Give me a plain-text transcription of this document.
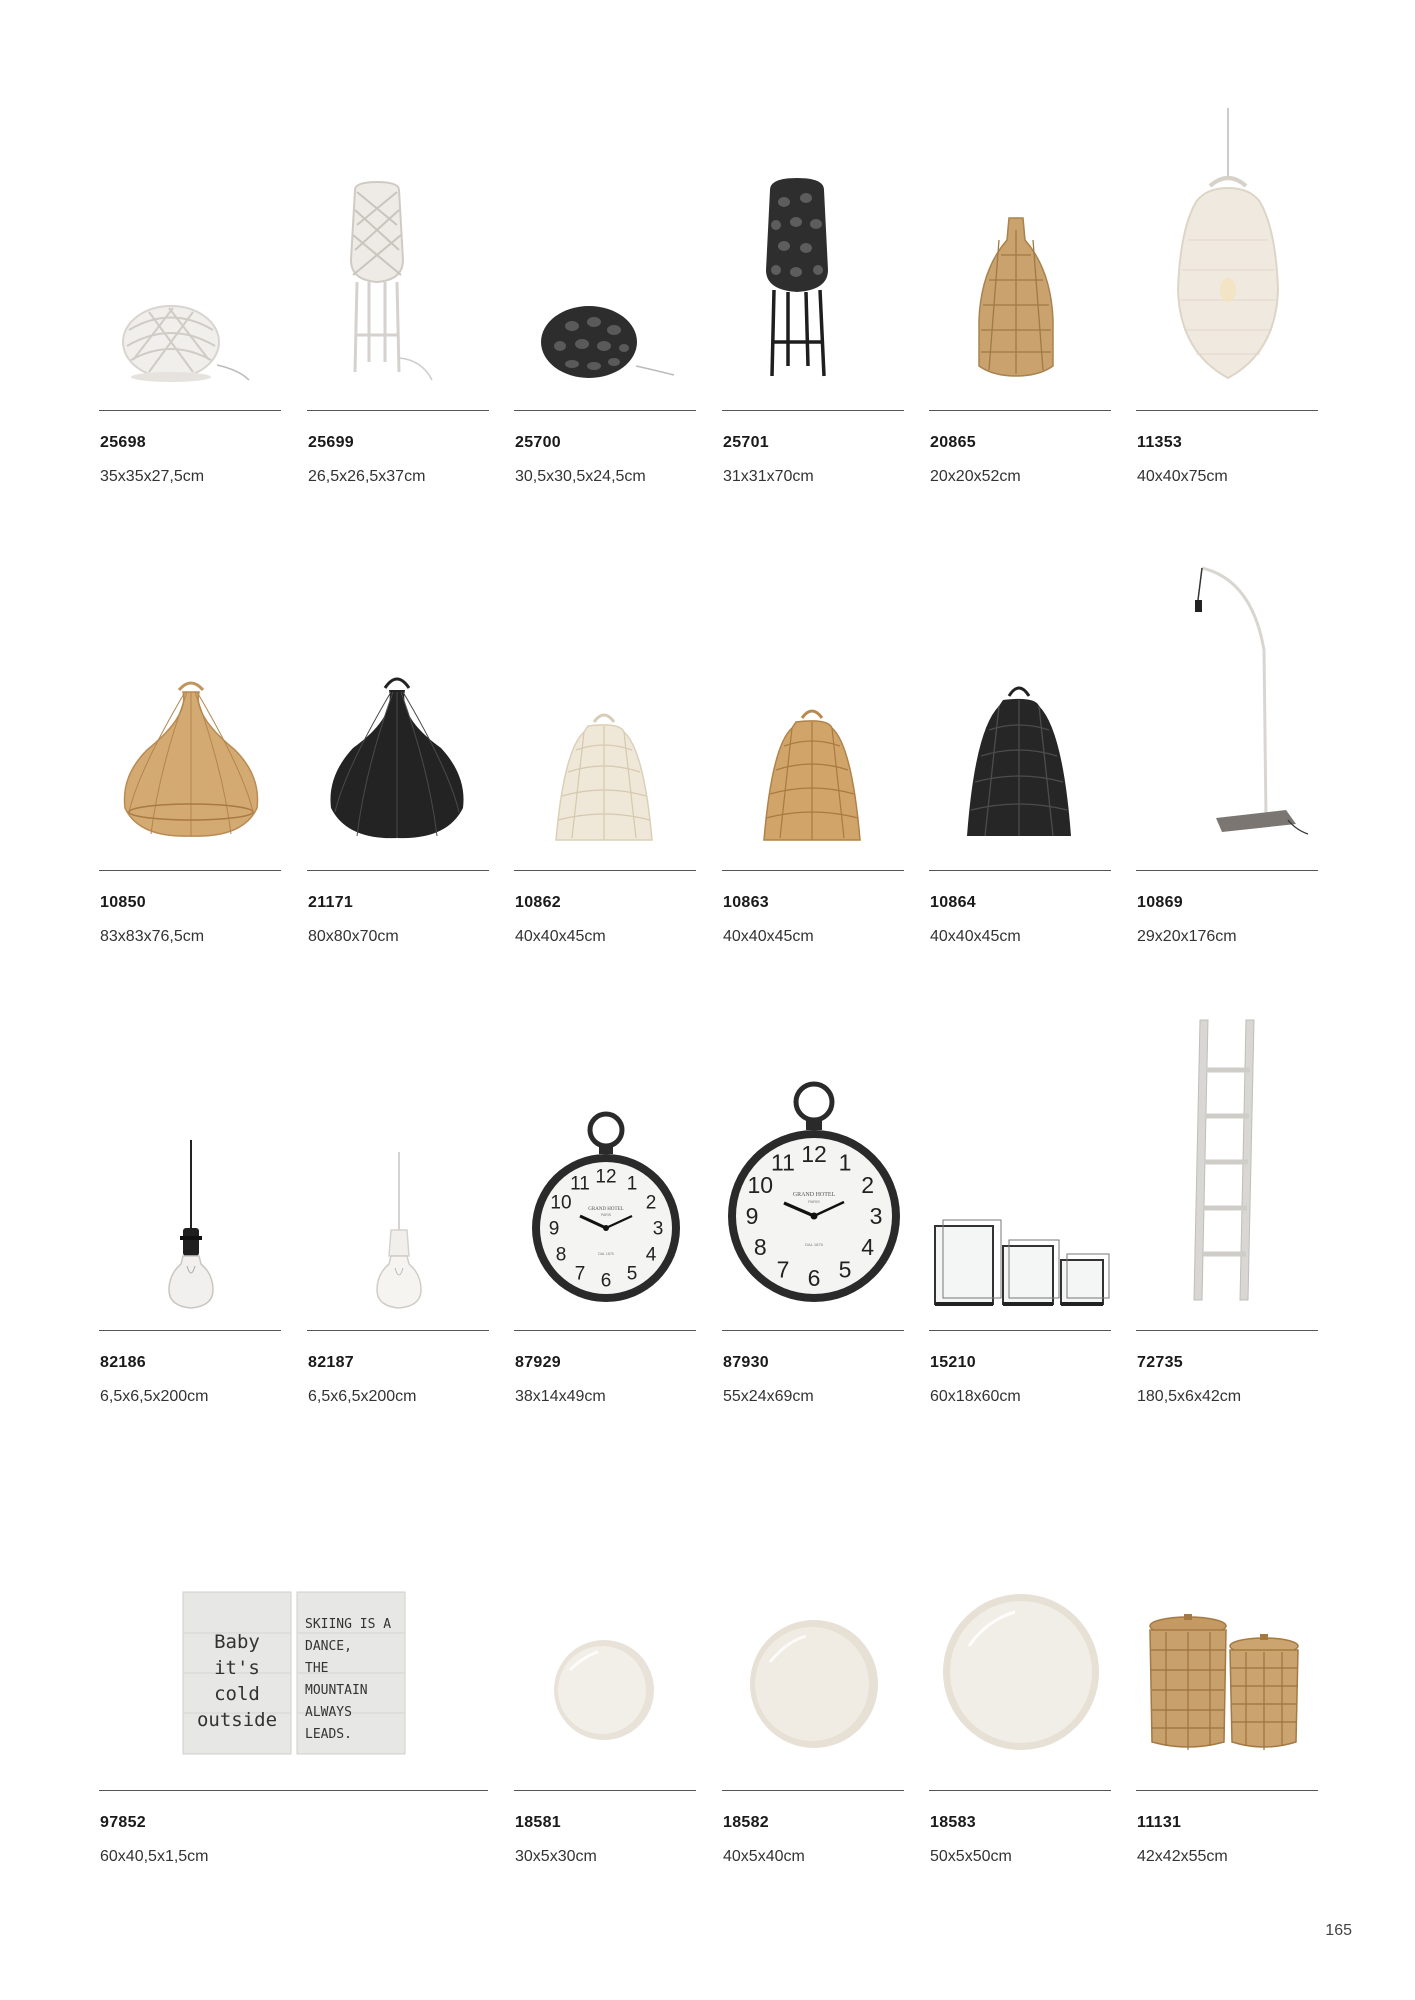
25698
35x35x27,5cm
25699
26,5x26,5x37cm
25700
30,5x30,5x24,5cm
25701
31x31x70cm
20865
20x20x52cm
11353
40x40x75cm
10850
83x83x76,5cm
21171
80x80x70cm
10862
40x40x45cm
10863
40x40x45cm
10864
40x40x45cm
10869
29x20x176cm
82186
6,5x6,5x200cm
82187
6,5x6,5x200cm
12 1
2
3
4
5
6
7
8
9
10
11
GRAND HOTEL
PARIS
DAL 1875
87929
38x14x49cm
12 1
2
3
4
5
6
7
8
9
10
11
GRAND HOTEL
PARIS
DAL 1875
87930
55x24x69cm
15210
60x18x60cm
72735
180,5x6x42cm
Baby
it's
cold
outside
SKIING IS A
DANCE,
THE
MOUNTAIN
ALWAYS
LEADS.
97852
60x40,5x1,5cm
18581
30x5x30cm
18582
40x5x40cm
18583
50x5x50cm
11131
42x42x55cm
165
